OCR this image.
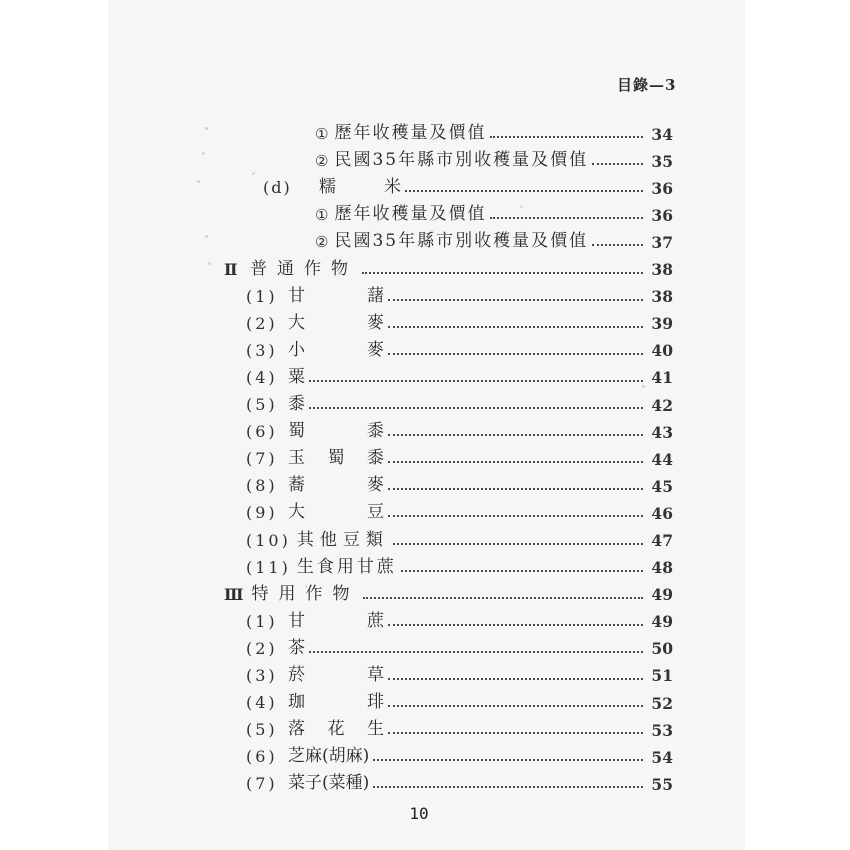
目錄—3
① 歷年收穫量及價值	34
② 民國35年縣市別收穫量及價值	35
(d)	糯	米	36
① 歷年收穫量及價值	36
② 民國35年縣市別收穫量及價值	37
Ⅱ 普通作物	38
(1) 甘	藷	38
(2) 大	麥	39
(3) 小	麥	40
(4) 粟	41
(5) 黍	42
(6) 蜀	黍	43
(7) 玉 蜀 黍	44
(8) 蕎	麥	45
(9) 大	豆	46
(10) 其他豆類	47
(11) 生食用甘蔗	48
Ⅲ 特用作物	49
(1) 甘	蔗	49
(2) 茶	50
(3) 菸	草	51
(4) 珈	琲	52
(5) 落 花 生	53
(6) 芝麻(胡麻)	54
(7) 菜子(菜種)	55
10
